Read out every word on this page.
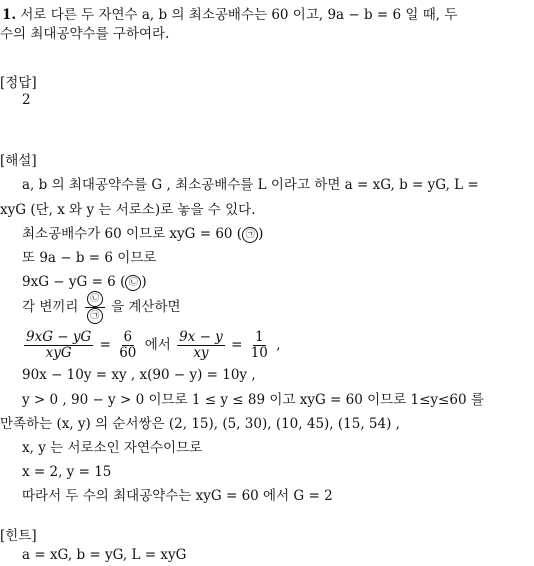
1. 서로 다른 두 자연수 a, b 의 최소공배수는 60 이고, 9a − b = 6 일 때, 두
수의 최대공약수를 구하여라.
[정답]
2
[해설]
a, b 의 최대공약수를 G , 최소공배수를 L 이라고 하면 a = xG, b = yG, L =
xyG (단, x 와 y 는 서로소)로 놓을 수 있다.
최소공배수가 60 이므로 xyG = 60 ( ㉠ )
또 9a − b = 6 이므로
9xG − yG = 6 ( ㉡ )
각 변끼리 $\frac{㉡}{㉠}$ 을 계산하면
$\frac{9xG - yG}{\text{xyG}} = \frac{6}{60}$ 에서 $\frac{9x - y}{xy} = \frac{1}{10}$ ,
90x − 10y = xy , x(90 − y) = 10y ,
y > 0 , 90 − y > 0 이므로 1 ≤ y ≤ 89 이고 xyG = 60 이므로 1≤y≤60 를
만족하는 (x, y) 의 순서쌍은 (2, 15), (5, 30), (10, 45), (15, 54) ,
x, y 는 서로소인 자연수이므로
x = 2, y = 15
따라서 두 수의 최대공약수는 xyG = 60 에서 G = 2
[힌트]
a = xG, b = yG, L = xyG
